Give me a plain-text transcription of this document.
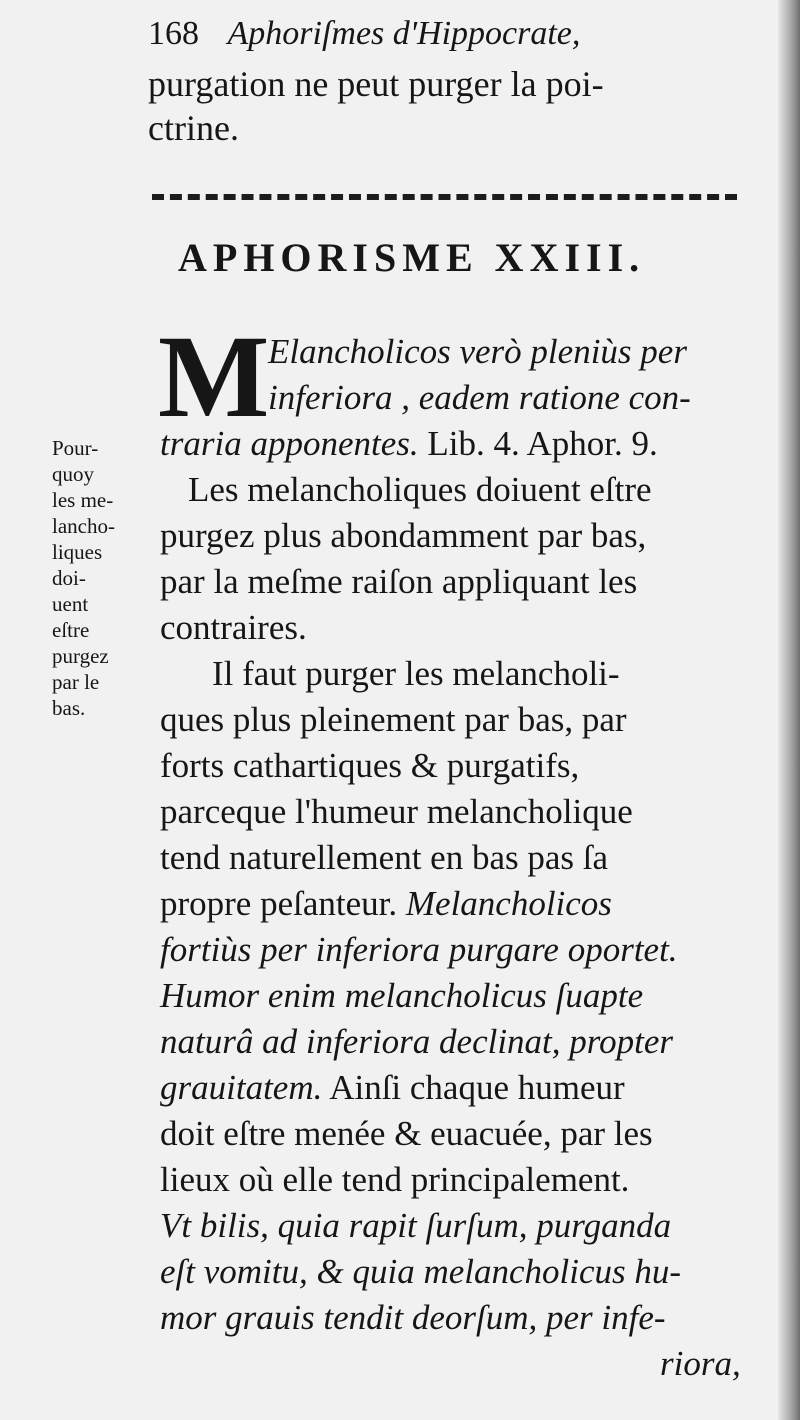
168 Aphoriſmes d'Hippocrate,
purgation ne peut purger la poi-
ctrine.
APHORISME XXIII.
M
Elancholicos verò pleniùs per
inferiora , eadem ratione con-
traria apponentes. Lib. 4. Aphor. 9.
Pour-
quoy
les me-
lancho-
liques
doi-
uent
eſtre
purgez
par le
bas.
Les melancholiques doiuent eſtre
purgez plus abondamment par bas,
par la meſme raiſon appliquant les
contraires.
Il faut purger les melancholi-
ques plus pleinement par bas, par
forts cathartiques & purgatifs,
parceque l'humeur melancholique
tend naturellement en bas pas ſa
propre peſanteur. Melancholicos
fortiùs per inferiora purgare oportet.
Humor enim melancholicus ſuapte
naturâ ad inferiora declinat, propter
grauitatem. Ainſi chaque humeur
doit eſtre menée & euacuée, par les
lieux où elle tend principalement.
Vt bilis, quia rapit ſurſum, purganda
eſt vomitu, & quia melancholicus hu-
mor grauis tendit deorſum, per infe-
riora,
